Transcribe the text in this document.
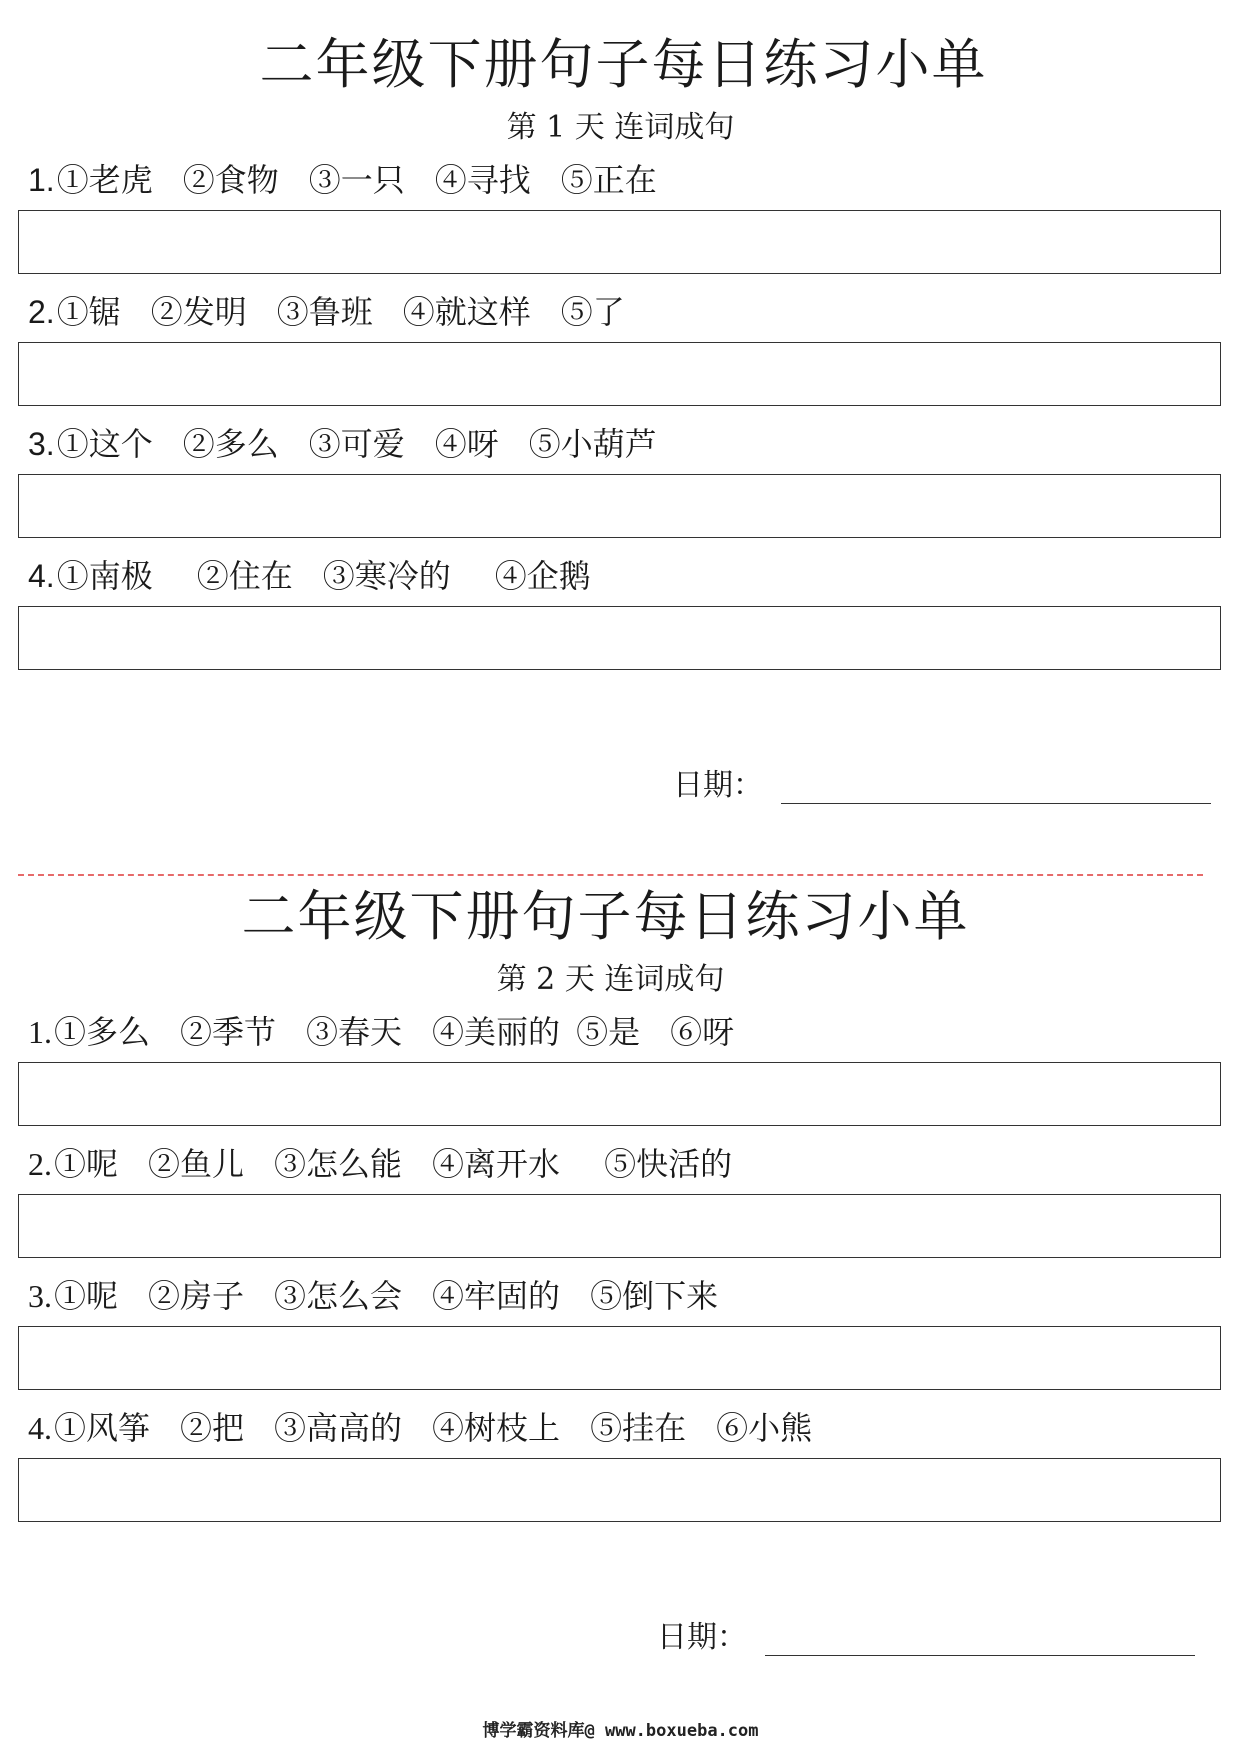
二年级下册句子每日练习小单
第 1 天 连词成句
1.①老虎 ②食物 ③一只 ④寻找 ⑤正在
2.①锯 ②发明 ③鲁班 ④就这样 ⑤了
3.①这个 ②多么 ③可爱 ④呀 ⑤小葫芦
4.①南极 ②住在 ③寒冷的 ④企鹅
日期：
二年级下册句子每日练习小单
第 2 天 连词成句
1.①多么 ②季节 ③春天 ④美丽的 ⑤是 ⑥呀
2.①呢 ②鱼儿 ③怎么能 ④离开水 ⑤快活的
3.①呢 ②房子 ③怎么会 ④牢固的 ⑤倒下来
4.①风筝 ②把 ③高高的 ④树枝上 ⑤挂在 ⑥小熊
日期：
博学霸资料库@ www.boxueba.com
